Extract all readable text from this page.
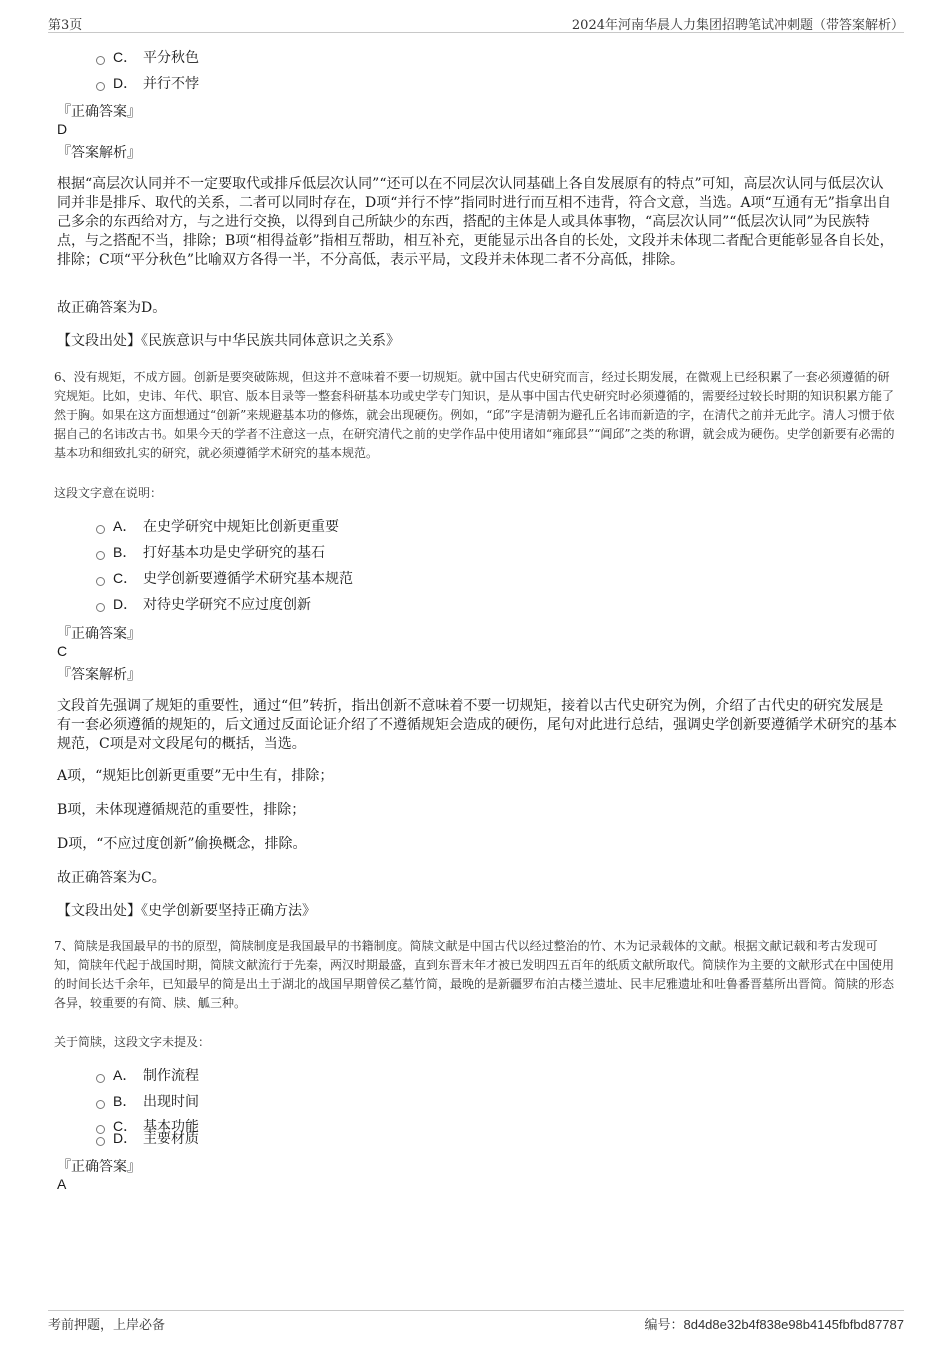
第3页	2024年河南华晨人力集团招聘笔试冲刺题（带答案解析）
C． 平分秋色
D． 并行不悖
『正确答案』
D
『答案解析』
根据“高层次认同并不一定要取代或排斥低层次认同”“还可以在不同层次认同基础上各自发展原有的特点”可知，高层次认同与低层次认同并非是排斥、取代的关系，二者可以同时存在，D项“并行不悖”指同时进行而互相不违背，符合文意，当选。A项“互通有无”指拿出自己多余的东西给对方，与之进行交换，以得到自己所缺少的东西，搭配的主体是人或具体事物，“高层次认同”“低层次认同”为民族特点，与之搭配不当，排除；B项“相得益彰”指相互帮助，相互补充，更能显示出各自的长处，文段并未体现二者配合更能彰显各自长处，排除；C项“平分秋色”比喻双方各得一半，不分高低，表示平局，文段并未体现二者不分高低，排除。
故正确答案为D。
【文段出处】《民族意识与中华民族共同体意识之关系》
6、没有规矩，不成方圆。创新是要突破陈规，但这并不意味着不要一切规矩。就中国古代史研究而言，经过长期发展，在微观上已经积累了一套必须遵循的研究规矩。比如，史讳、年代、职官、版本目录等一整套科研基本功或史学专门知识，是从事中国古代史研究时必须遵循的，需要经过较长时期的知识积累方能了然于胸。如果在这方面想通过“创新”来规避基本功的修炼，就会出现硬伤。例如，“邱”字是清朝为避孔丘名讳而新造的字，在清代之前并无此字。清人习惯于依据自己的名讳改古书。如果今天的学者不注意这一点，在研究清代之前的史学作品中使用诸如“雍邱县”“阊邱”之类的称谓，就会成为硬伤。史学创新要有必需的基本功和细致扎实的研究，就必须遵循学术研究的基本规范。
这段文字意在说明：
A． 在史学研究中规矩比创新更重要
B． 打好基本功是史学研究的基石
C． 史学创新要遵循学术研究基本规范
D． 对待史学研究不应过度创新
『正确答案』
C
『答案解析』
文段首先强调了规矩的重要性，通过“但”转折，指出创新不意味着不要一切规矩，接着以古代史研究为例，介绍了古代史的研究发展是有一套必须遵循的规矩的，后文通过反面论证介绍了不遵循规矩会造成的硬伤，尾句对此进行总结，强调史学创新要遵循学术研究的基本规范，C项是对文段尾句的概括，当选。
A项，“规矩比创新更重要”无中生有，排除；
B项，未体现遵循规范的重要性，排除；
D项，“不应过度创新”偷换概念，排除。
故正确答案为C。
【文段出处】《史学创新要坚持正确方法》
7、简牍是我国最早的书的原型，简牍制度是我国最早的书籍制度。简牍文献是中国古代以经过整治的竹、木为记录载体的文献。根据文献记载和考古发现可知，简牍年代起于战国时期，简牍文献流行于先秦，两汉时期最盛，直到东晋末年才被已发明四五百年的纸质文献所取代。简牍作为主要的文献形式在中国使用的时间长达千余年，已知最早的简是出土于湖北的战国早期曾侯乙墓竹简，最晚的是新疆罗布泊古楼兰遗址、民丰尼雅遗址和吐鲁番晋墓所出晋简。简牍的形态各异，较重要的有简、牍、觚三种。
关于简牍，这段文字未提及：
A． 制作流程
B． 出现时间
C． 基本功能
D． 主要材质
『正确答案』
A
考前押题，上岸必备	编号：8d4d8e32b4f838e98b4145fbfbd87787
